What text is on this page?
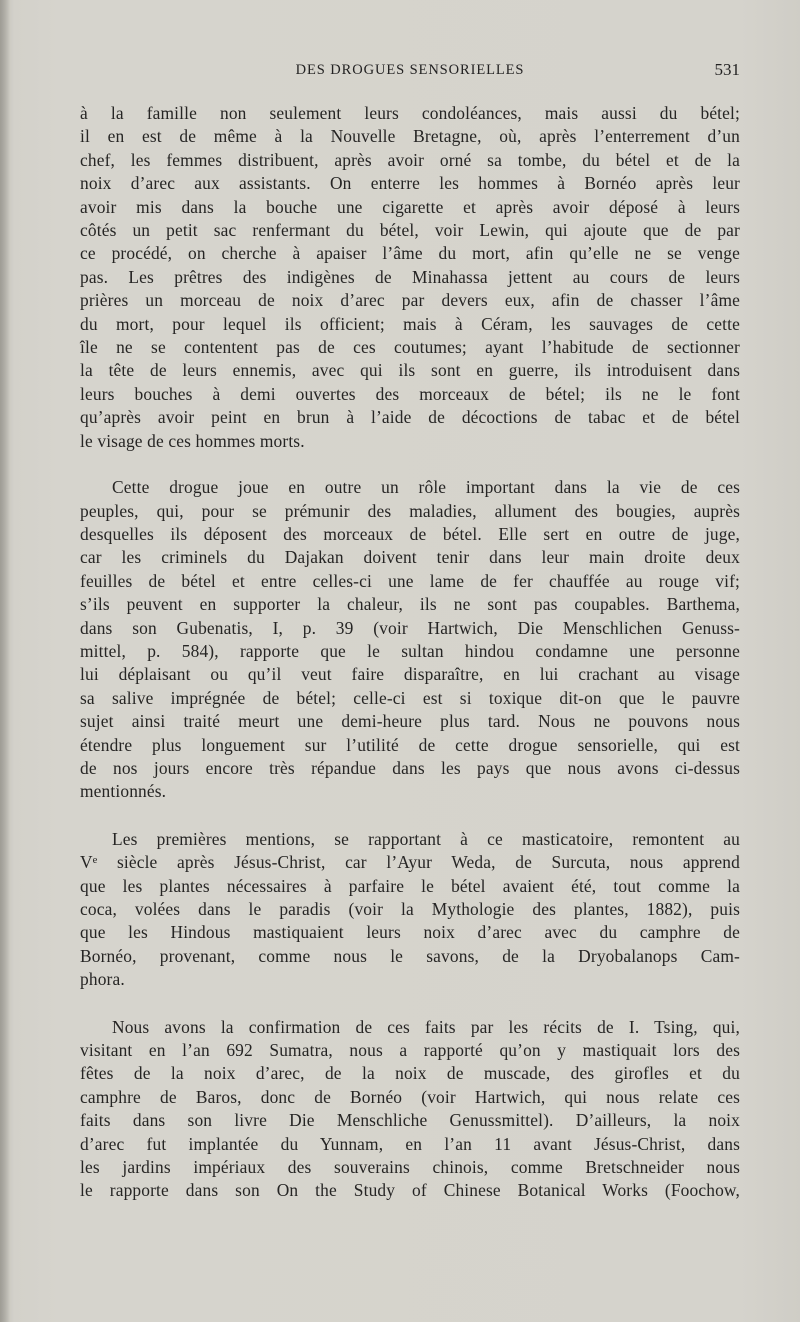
DES DROGUES SENSORIELLES	531

à la famille non seulement leurs condoléances, mais aussi du bétel;
il en est de même à la Nouvelle Bretagne, où, après l’enterrement d’un
chef, les femmes distribuent, après avoir orné sa tombe, du bétel et de la
noix d’arec aux assistants. On enterre les hommes à Bornéo après leur
avoir mis dans la bouche une cigarette et après avoir déposé à leurs
côtés un petit sac renfermant du bétel, voir Lewin, qui ajoute que de par
ce procédé, on cherche à apaiser l’âme du mort, afin qu’elle ne se venge
pas. Les prêtres des indigènes de Minahassa jettent au cours de leurs
prières un morceau de noix d’arec par devers eux, afin de chasser l’âme
du mort, pour lequel ils officient; mais à Céram, les sauvages de cette
île ne se contentent pas de ces coutumes; ayant l’habitude de sectionner
la tête de leurs ennemis, avec qui ils sont en guerre, ils introduisent dans
leurs bouches à demi ouvertes des morceaux de bétel; ils ne le font
qu’après avoir peint en brun à l’aide de décoctions de tabac et de bétel
le visage de ces hommes morts.

Cette drogue joue en outre un rôle important dans la vie de ces
peuples, qui, pour se prémunir des maladies, allument des bougies, auprès
desquelles ils déposent des morceaux de bétel. Elle sert en outre de juge,
car les criminels du Dajakan doivent tenir dans leur main droite deux
feuilles de bétel et entre celles-ci une lame de fer chauffée au rouge vif;
s’ils peuvent en supporter la chaleur, ils ne sont pas coupables. Barthema,
dans son Gubenatis, I, p. 39 (voir Hartwich, Die Menschlichen Genuss-
mittel, p. 584), rapporte que le sultan hindou condamne une personne
lui déplaisant ou qu’il veut faire disparaître, en lui crachant au visage
sa salive imprégnée de bétel; celle-ci est si toxique dit-on que le pauvre
sujet ainsi traité meurt une demi-heure plus tard. Nous ne pouvons nous
étendre plus longuement sur l’utilité de cette drogue sensorielle, qui est
de nos jours encore très répandue dans les pays que nous avons ci-dessus
mentionnés.

Les premières mentions, se rapportant à ce masticatoire, remontent au
Vᵉ siècle après Jésus-Christ, car l’Ayur Weda, de Surcuta, nous apprend
que les plantes nécessaires à parfaire le bétel avaient été, tout comme la
coca, volées dans le paradis (voir la Mythologie des plantes, 1882), puis
que les Hindous mastiquaient leurs noix d’arec avec du camphre de
Bornéo, provenant, comme nous le savons, de la Dryobalanops Cam-
phora.

Nous avons la confirmation de ces faits par les récits de I. Tsing, qui,
visitant en l’an 692 Sumatra, nous a rapporté qu’on y mastiquait lors des
fêtes de la noix d’arec, de la noix de muscade, des girofles et du
camphre de Baros, donc de Bornéo (voir Hartwich, qui nous relate ces
faits dans son livre Die Menschliche Genussmittel). D’ailleurs, la noix
d’arec fut implantée du Yunnam, en l’an 11 avant Jésus-Christ, dans
les jardins impériaux des souverains chinois, comme Bretschneider nous
le rapporte dans son On the Study of Chinese Botanical Works (Foochow,
